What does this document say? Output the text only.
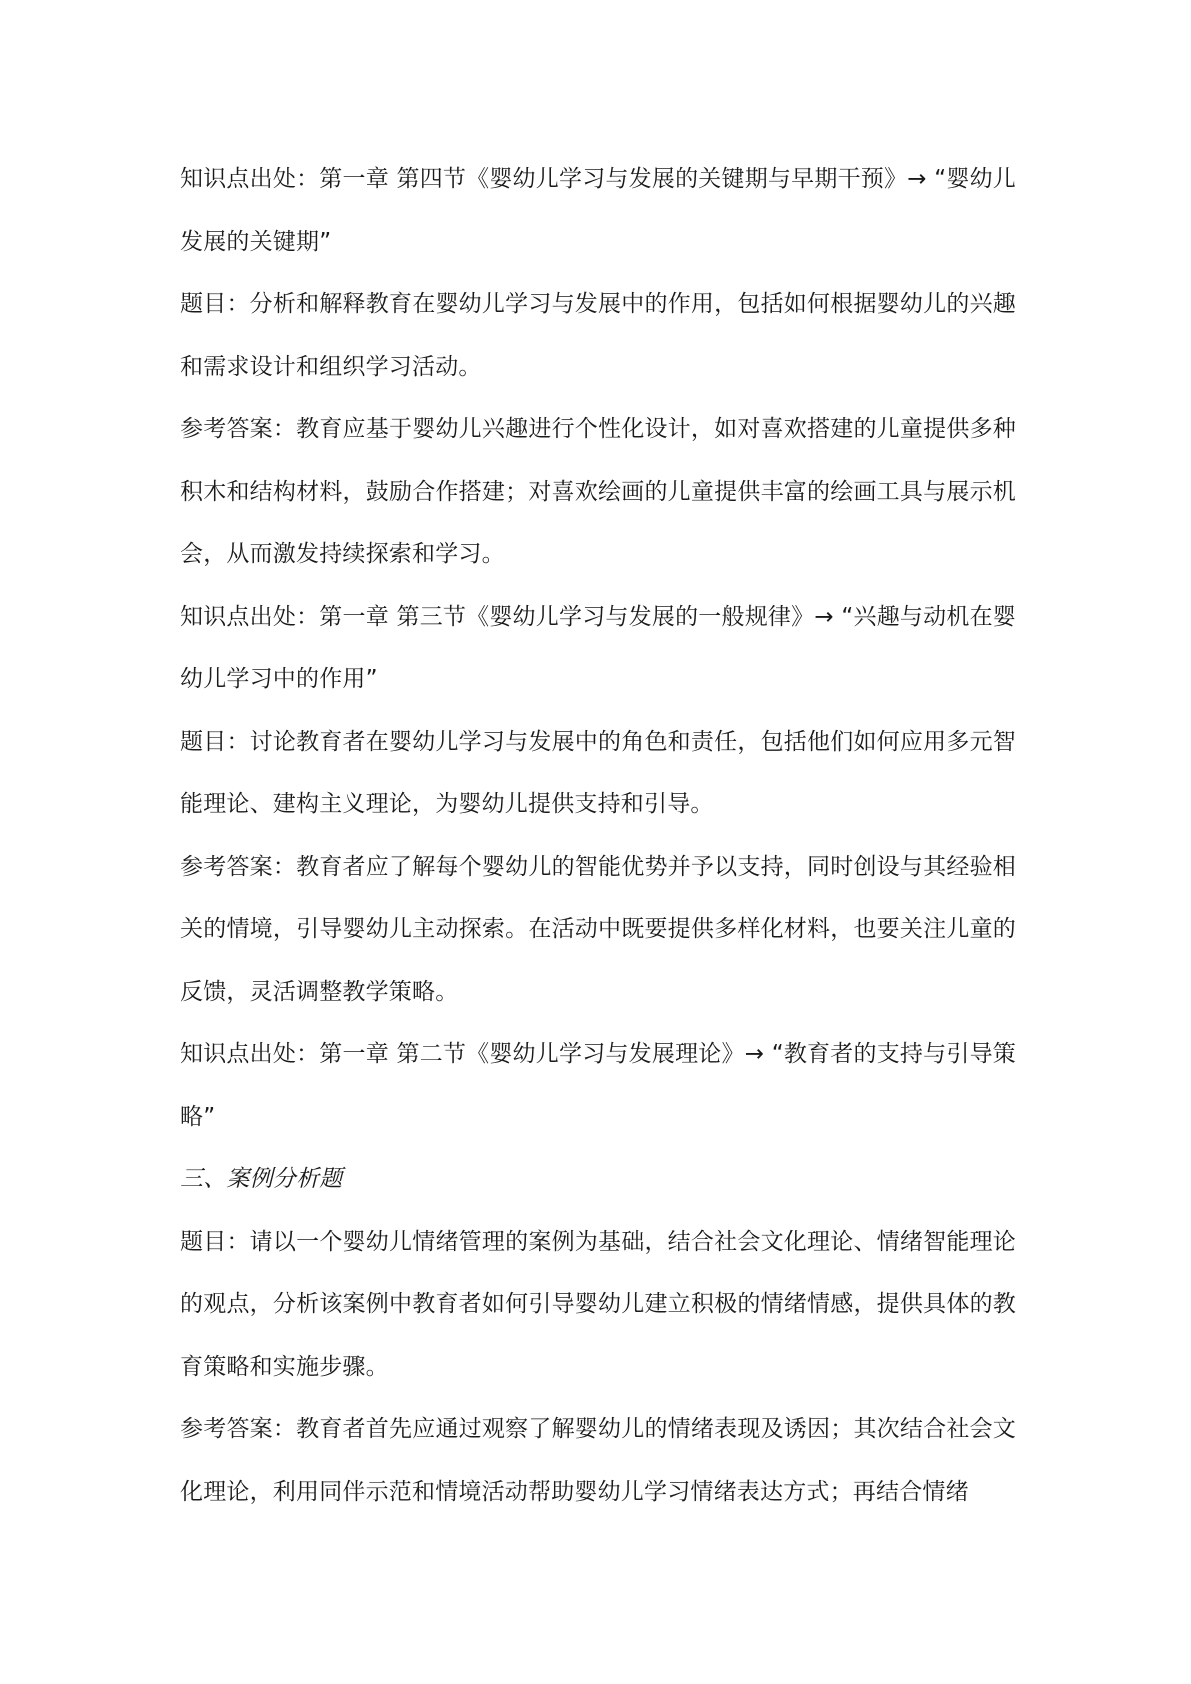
知识点出处：第一章 第四节《婴幼儿学习与发展的关键期与早期干预》→ “婴幼儿发展的关键期”

题目：分析和解释教育在婴幼儿学习与发展中的作用，包括如何根据婴幼儿的兴趣和需求设计和组织学习活动。

参考答案：教育应基于婴幼儿兴趣进行个性化设计，如对喜欢搭建的儿童提供多种积木和结构材料，鼓励合作搭建；对喜欢绘画的儿童提供丰富的绘画工具与展示机会，从而激发持续探索和学习。

知识点出处：第一章 第三节《婴幼儿学习与发展的一般规律》→ “兴趣与动机在婴幼儿学习中的作用”

题目：讨论教育者在婴幼儿学习与发展中的角色和责任，包括他们如何应用多元智能理论、建构主义理论，为婴幼儿提供支持和引导。

参考答案：教育者应了解每个婴幼儿的智能优势并予以支持，同时创设与其经验相关的情境，引导婴幼儿主动探索。在活动中既要提供多样化材料，也要关注儿童的反馈，灵活调整教学策略。

知识点出处：第一章 第二节《婴幼儿学习与发展理论》→ “教育者的支持与引导策略”

三、案例分析题

题目：请以一个婴幼儿情绪管理的案例为基础，结合社会文化理论、情绪智能理论的观点，分析该案例中教育者如何引导婴幼儿建立积极的情绪情感，提供具体的教育策略和实施步骤。

参考答案：教育者首先应通过观察了解婴幼儿的情绪表现及诱因；其次结合社会文化理论，利用同伴示范和情境活动帮助婴幼儿学习情绪表达方式；再结合情绪
